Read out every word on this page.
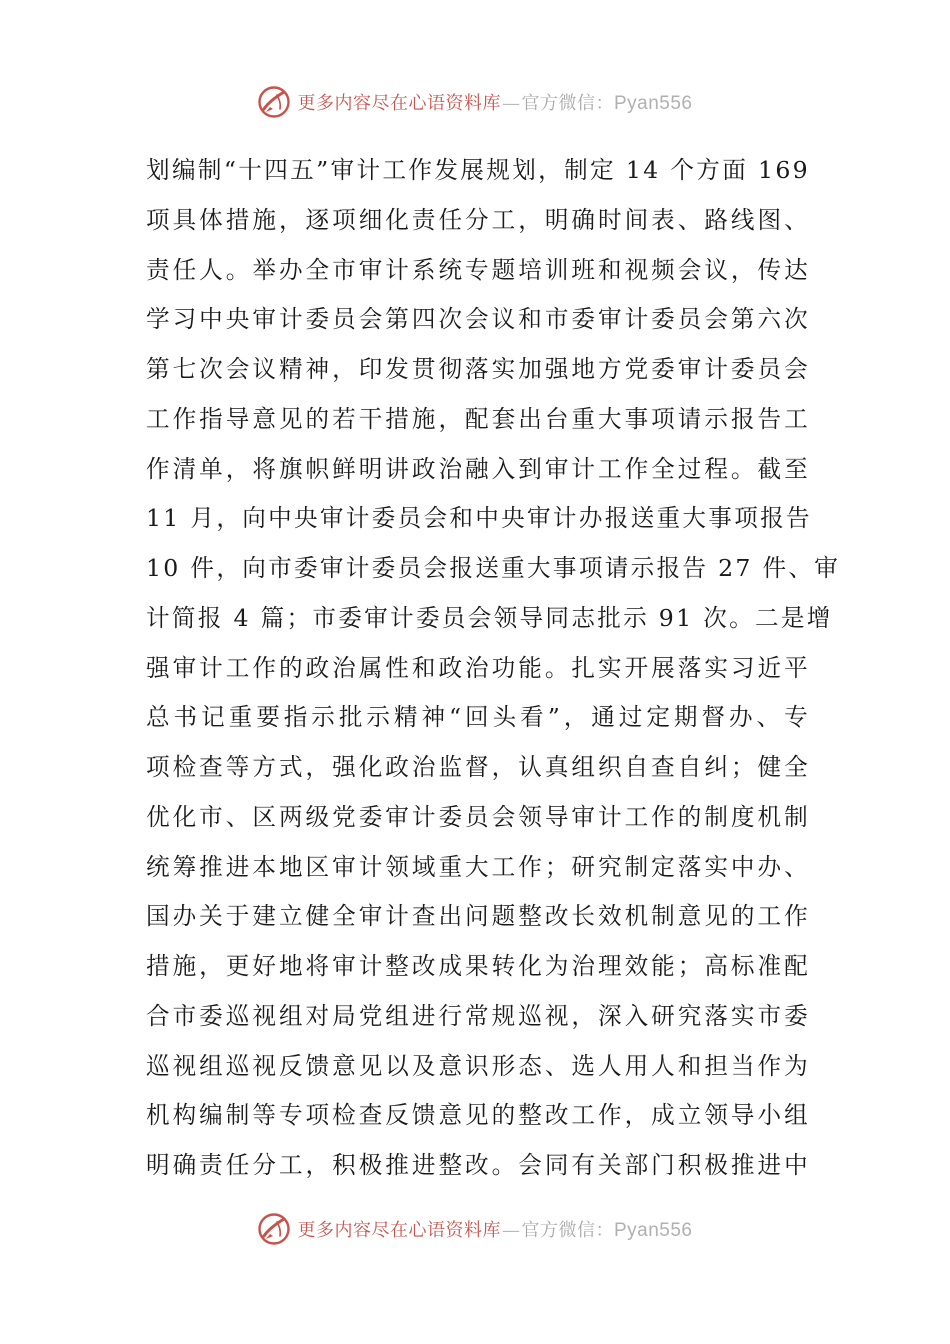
更多内容尽在心语资料库 — 官方微信： Pyan556

划编制“十四五”审计工作发展规划，制定 14 个方面 169

项具体措施，逐项细化责任分工，明确时间表、路线图、

责任人。举办全市审计系统专题培训班和视频会议，传达

学习中央审计委员会第四次会议和市委审计委员会第六次

第七次会议精神，印发贯彻落实加强地方党委审计委员会

工作指导意见的若干措施，配套出台重大事项请示报告工

作清单，将旗帜鲜明讲政治融入到审计工作全过程。截至

11 月，向中央审计委员会和中央审计办报送重大事项报告

10 件，向市委审计委员会报送重大事项请示报告 27 件、审

计简报 4 篇；市委审计委员会领导同志批示 91 次。二是增

强审计工作的政治属性和政治功能。扎实开展落实习近平

总书记重要指示批示精神“回头看”，通过定期督办、专

项检查等方式，强化政治监督，认真组织自查自纠；健全

优化市、区两级党委审计委员会领导审计工作的制度机制

统筹推进本地区审计领域重大工作；研究制定落实中办、

国办关于建立健全审计查出问题整改长效机制意见的工作

措施，更好地将审计整改成果转化为治理效能；高标准配

合市委巡视组对局党组进行常规巡视，深入研究落实市委

巡视组巡视反馈意见以及意识形态、选人用人和担当作为

机构编制等专项检查反馈意见的整改工作，成立领导小组

明确责任分工，积极推进整改。会同有关部门积极推进中

更多内容尽在心语资料库 — 官方微信： Pyan556
